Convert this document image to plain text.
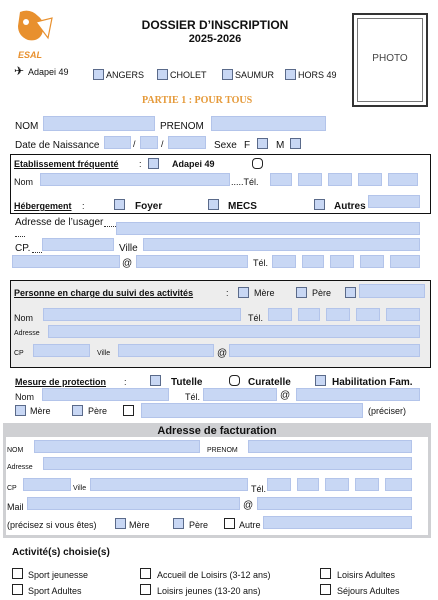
ESAL
DOSSIER D’INSCRIPTION
2025-2026
PHOTO
✈ Adapei 49	ANGERS	CHOLET	SAUMUR	HORS 49
PARTIE 1 : POUR TOUS
NOM	PRENOM
Date de Naissance	/	/	Sexe F	M
Etablissement fréquenté :	Adapei 49
Nom	.....Tél.
Hébergement :	Foyer	MECS	Autres
Adresse de l’usager
CP.	Ville
@	Tél.
Personne en charge du suivi des activités	:	Mère	Père
Nom	Tél.
Adresse
CP	Ville	@
Mesure de protection :	Tutelle	Curatelle	Habilitation Fam.
Nom	Tél.	@
Mère	Père	(préciser)
Adresse de facturation
NOM	PRENOM
Adresse
CP	Ville	Tél.
Mail	@
(précisez si vous êtes)	Mère	Père	Autre
Activité(s) choisie(s)
Sport jeunesse	Accueil de Loisirs (3-12 ans)	Loisirs Adultes
Sport Adultes	Loisirs jeunes (13-20 ans)	Séjours Adultes
